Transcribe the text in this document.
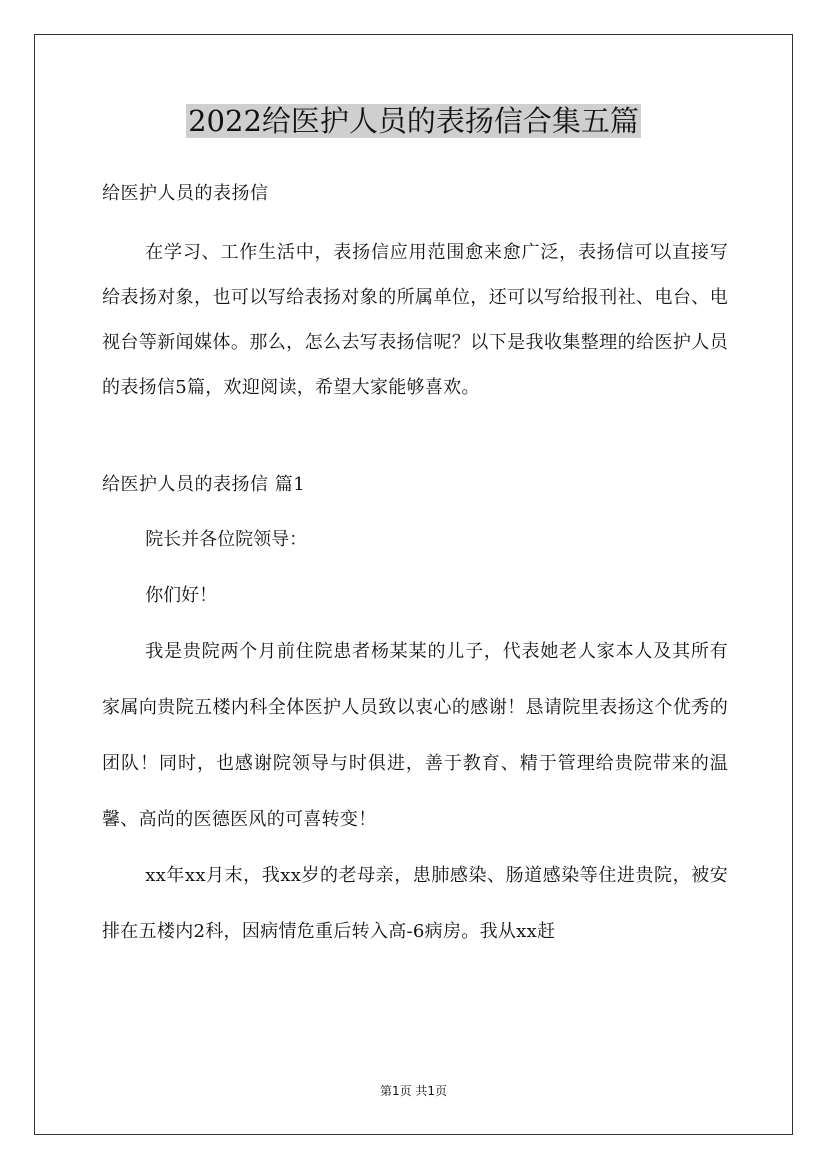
2022给医护人员的表扬信合集五篇

给医护人员的表扬信

在学习、工作生活中，表扬信应用范围愈来愈广泛，表扬信可以直接写给表扬对象，也可以写给表扬对象的所属单位，还可以写给报刊社、电台、电视台等新闻媒体。那么，怎么去写表扬信呢？以下是我收集整理的给医护人员的表扬信5篇，欢迎阅读，希望大家能够喜欢。

给医护人员的表扬信 篇1

院长并各位院领导：

你们好！

我是贵院两个月前住院患者杨某某的儿子，代表她老人家本人及其所有家属向贵院五楼内科全体医护人员致以衷心的感谢！恳请院里表扬这个优秀的团队！同时，也感谢院领导与时俱进，善于教育、精于管理给贵院带来的温馨、高尚的医德医风的可喜转变！

xx年xx月末，我xx岁的老母亲，患肺感染、肠道感染等住进贵院，被安排在五楼内2科，因病情危重后转入高-6病房。我从xx赶

第1页 共1页
